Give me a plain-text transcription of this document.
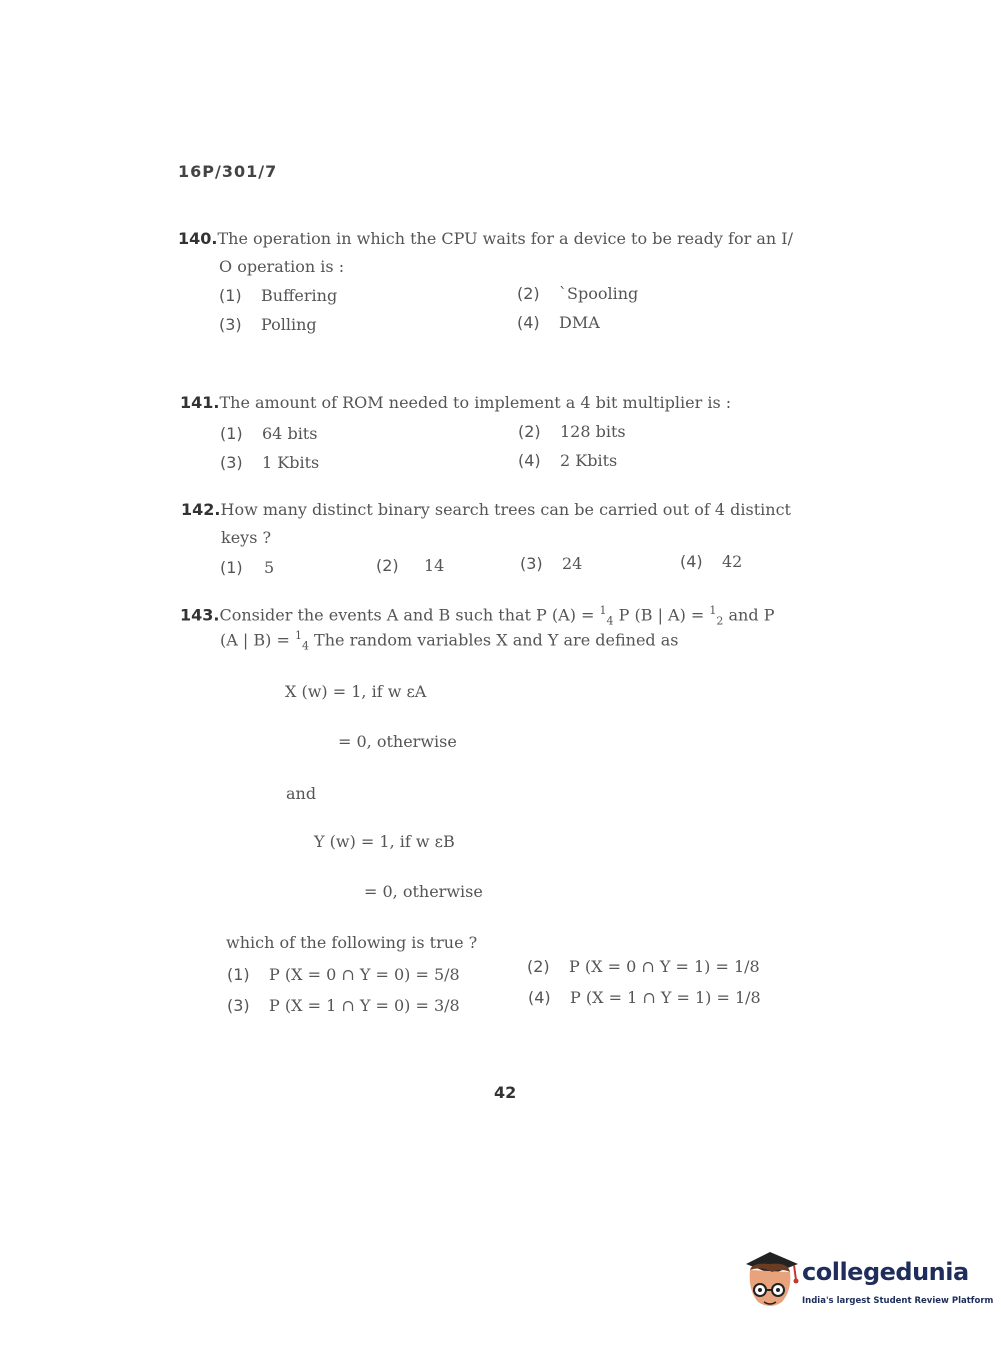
16P/301/7
140.The operation in which the CPU waits for a device to be ready for an I/
O operation is :
(1) Buffering	(2) `Spooling
(3) Polling	(4) DMA
141.The amount of ROM needed to implement a 4 bit multiplier is :
(1) 64 bits	(2) 128 bits
(3) 1 Kbits	(4) 2 Kbits
142.How many distinct binary search trees can be carried out of 4 distinct
keys ?
(1) 5	(2) 14	(3) 24	(4) 42
143.Consider the events A and B such that P (A) = $^1_4$ P (B | A) = $^1_2$ and P
(A | B) = $^1_4$ The random variables X and Y are defined as
X (w) = 1, if w εA
= 0, otherwise
and
Y (w) = 1, if w εB
= 0, otherwise
which of the following is true ?
(1) P (X = 0 ∩ Y = 0) = 5/8	(2) P (X = 0 ∩ Y = 1) = 1/8
(3) P (X = 1 ∩ Y = 0) = 3/8	(4) P (X = 1 ∩ Y = 1) = 1/8
42
collegedunia
India's largest Student Review Platform
